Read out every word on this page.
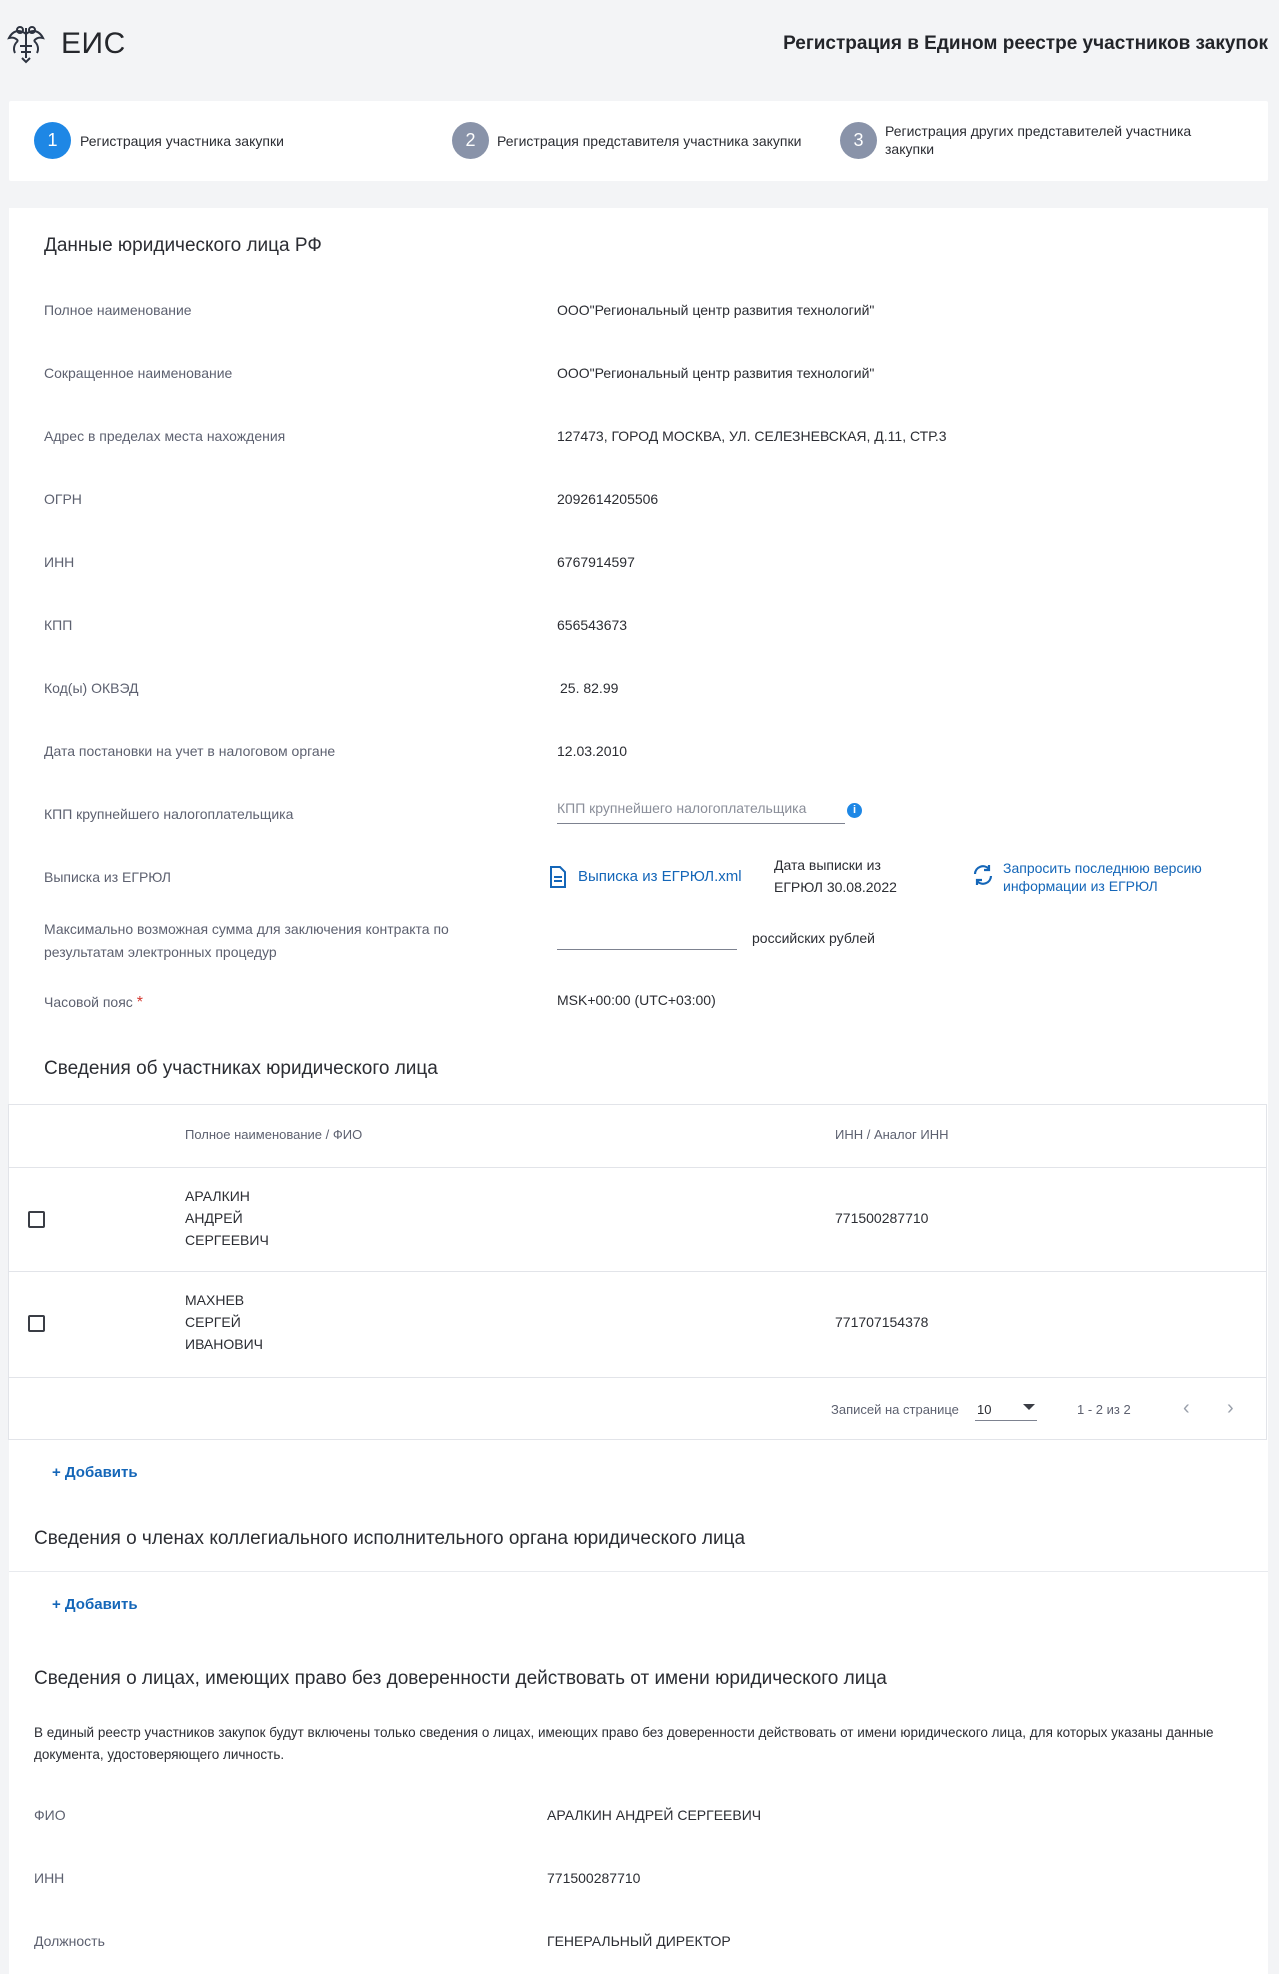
ЕИС	Регистрация в Едином реестре участников закупок
1	Регистрация участника закупки	2	Регистрация представителя участника закупки	3	Регистрация других представителей участника закупки
Данные юридического лица РФ
Полное наименование	ООО"Региональный центр развития технологий"
Сокращенное наименование	ООО"Региональный центр развития технологий"
Адрес в пределах места нахождения	127473, ГОРОД МОСКВА, УЛ. СЕЛЕЗНЕВСКАЯ, Д.11, СТР.3
ОГРН	2092614205506
ИНН	6767914597
КПП	656543673
Код(ы) ОКВЭД	25. 82.99
Дата постановки на учет в налоговом органе	12.03.2010
КПП крупнейшего налогоплательщика	КПП крупнейшего налогоплательщика	i
Выписка из ЕГРЮЛ	Выписка из ЕГРЮЛ.xml
Дата выписки из
ЕГРЮЛ 30.08.2022
Запросить последнюю версию
информации из ЕГРЮЛ
Максимально возможная сумма для заключения контракта по
результатам электронных процедур
российских рублей
Часовой пояс *	MSK+00:00 (UTC+03:00)
Сведения об участниках юридического лица
Полное наименование / ФИО	ИНН / Аналог ИНН
АРАЛКИН
АНДРЕЙ
СЕРГЕЕВИЧ
771500287710
МАХНЕВ
СЕРГЕЙ
ИВАНОВИЧ
771707154378
Записей на странице 10	1 - 2 из 2	‹ ›
+ Добавить
Сведения о членах коллегиального исполнительного органа юридического лица
+ Добавить
Сведения о лицах, имеющих право без доверенности действовать от имени юридического лица
В единый реестр участников закупок будут включены только сведения о лицах, имеющих право без доверенности действовать от имени юридического лица, для которых указаны данные документа, удостоверяющего личность.
ФИО	АРАЛКИН АНДРЕЙ СЕРГЕЕВИЧ
ИНН	771500287710
Должность	ГЕНЕРАЛЬНЫЙ ДИРЕКТОР
